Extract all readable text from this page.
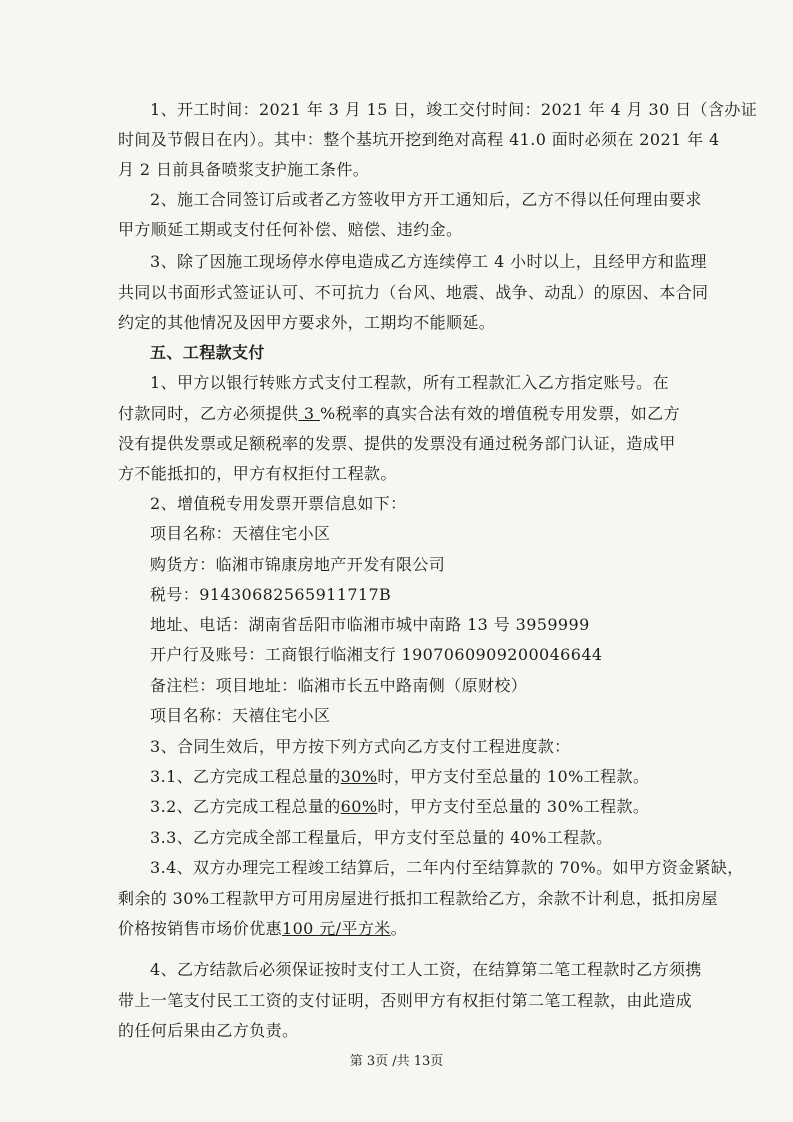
1、开工时间：2021 年 3 月 15 日，竣工交付时间：2021 年 4 月 30 日（含办证
时间及节假日在内）。其中：整个基坑开挖到绝对高程 41.0 面时必须在 2021 年 4
月 2 日前具备喷浆支护施工条件。
2、施工合同签订后或者乙方签收甲方开工通知后，乙方不得以任何理由要求
甲方顺延工期或支付任何补偿、赔偿、违约金。
3、除了因施工现场停水停电造成乙方连续停工 4 小时以上，且经甲方和监理
共同以书面形式签证认可、不可抗力（台风、地震、战争、动乱）的原因、本合同
约定的其他情况及因甲方要求外，工期均不能顺延。
五、工程款支付
1、甲方以银行转账方式支付工程款，所有工程款汇入乙方指定账号。在
付款同时，乙方必须提供 3 %税率的真实合法有效的增值税专用发票，如乙方
没有提供发票或足额税率的发票、提供的发票没有通过税务部门认证，造成甲
方不能抵扣的，甲方有权拒付工程款。
2、增值税专用发票开票信息如下：
项目名称：天禧住宅小区
购货方：临湘市锦康房地产开发有限公司
税号：91430682565911717B
地址、电话：湖南省岳阳市临湘市城中南路 13 号 3959999
开户行及账号：工商银行临湘支行 1907060909200046644
备注栏：项目地址：临湘市长五中路南侧（原财校）
项目名称：天禧住宅小区
3、合同生效后，甲方按下列方式向乙方支付工程进度款：
3.1、乙方完成工程总量的30%时，甲方支付至总量的 10%工程款。
3.2、乙方完成工程总量的60%时，甲方支付至总量的 30%工程款。
3.3、乙方完成全部工程量后，甲方支付至总量的 40%工程款。
3.4、双方办理完工程竣工结算后，二年内付至结算款的 70%。如甲方资金紧缺，
剩余的 30%工程款甲方可用房屋进行抵扣工程款给乙方，余款不计利息，抵扣房屋
价格按销售市场价优惠100 元/平方米。
4、乙方结款后必须保证按时支付工人工资，在结算第二笔工程款时乙方须携
带上一笔支付民工工资的支付证明，否则甲方有权拒付第二笔工程款，由此造成
的任何后果由乙方负责。
第 3页 /共 13页
